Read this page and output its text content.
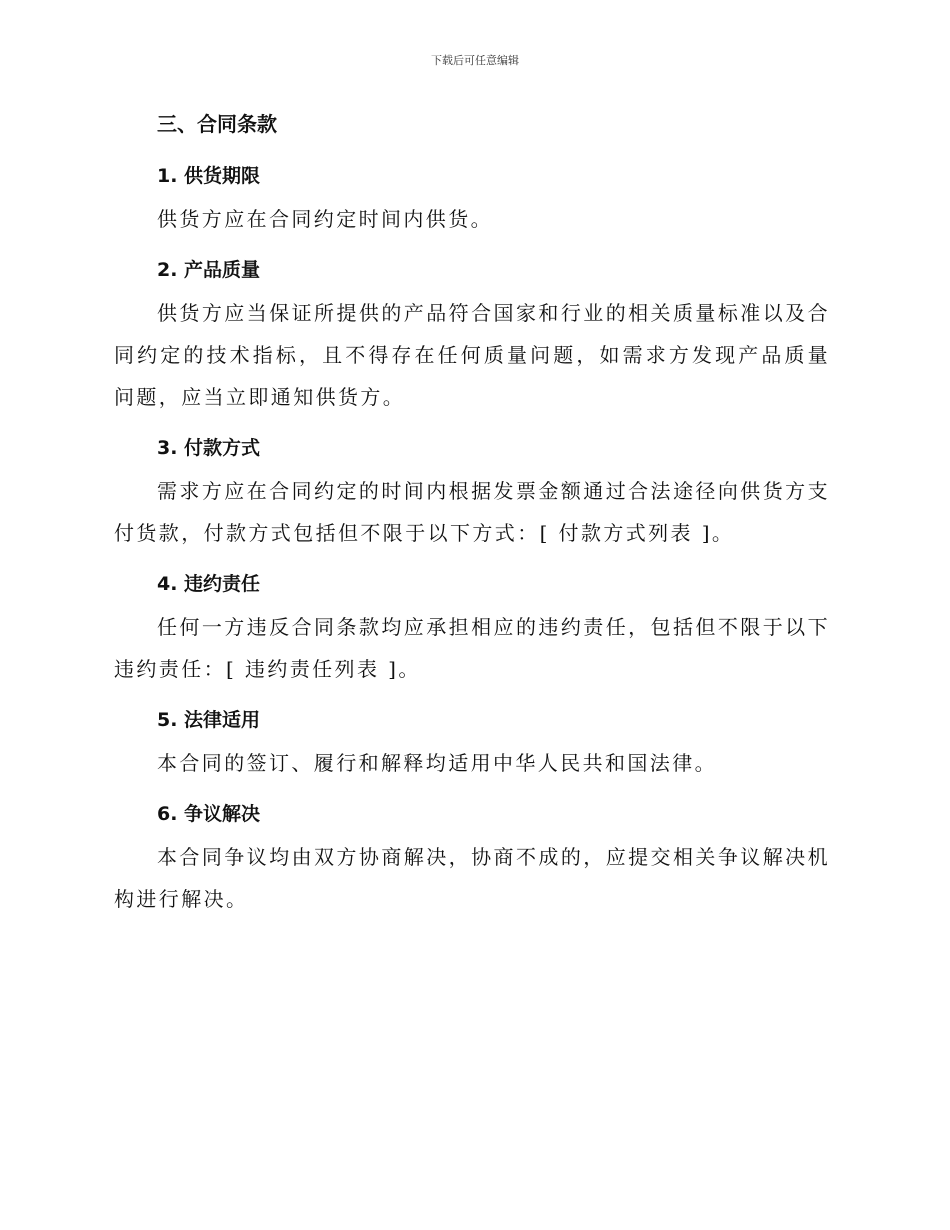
下载后可任意编辑
三、合同条款
1. 供货期限

供货方应在合同约定时间内供货。

2. 产品质量

供货方应当保证所提供的产品符合国家和行业的相关质量标准以及合同约定的技术指标，且不得存在任何质量问题，如需求方发现产品质量问题，应当立即通知供货方。

3. 付款方式

需求方应在合同约定的时间内根据发票金额通过合法途径向供货方支付货款，付款方式包括但不限于以下方式：[ 付款方式列表 ]。

4. 违约责任

任何一方违反合同条款均应承担相应的违约责任，包括但不限于以下违约责任：[ 违约责任列表 ]。

5. 法律适用

本合同的签订、履行和解释均适用中华人民共和国法律。

6. 争议解决

本合同争议均由双方协商解决，协商不成的，应提交相关争议解决机构进行解决。
